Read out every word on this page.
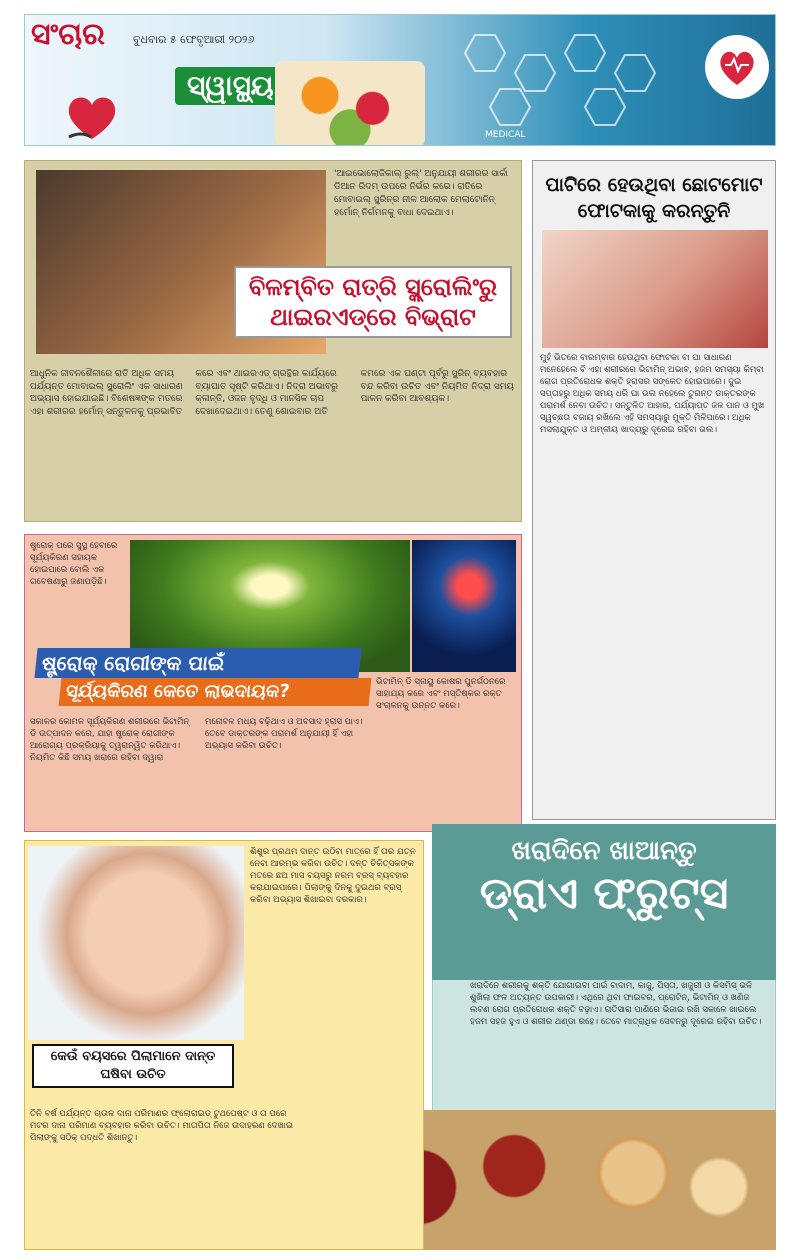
ସଂଚାର	ବୁଧବାର ୫ ଫେବୃଆରୀ ୨୦୨୬
ସ୍ୱାସ୍ଥ୍ୟ
MEDICAL
'ଆଇଭୋଲୋଜିକାଲ୍ ରୁଲ୍' ଅନୁଯାୟୀ ଶରୀରର ସାର୍କା ଡିଆନ ରିଦମ୍ ଉପରେ ନିର୍ଭର କରେ। ରାତିରେ ମୋବାଇଲ୍ ସ୍କ୍ରିନ୍‌ର ନୀଳ ଆଲୋକ ମେଲାଟୋନିନ୍ ହର୍ମୋନ୍ ନିର୍ଗମନକୁ ବାଧା ଦେଇଥାଏ।
ବିଳମ୍ବିତ ରାତ୍ରି ସ୍କ୍ରୋଲିଂରୁ ଥାଇରଏଡ୍‌ରେ ବିଭ୍ରାଟ
ଆଧୁନିକ ଜୀବନଶୈଳୀରେ ରାତି ଅଧିକ ସମୟ ପର୍ଯ୍ୟନ୍ତ ମୋବାଇଲ୍ ସ୍କ୍ରୋଲିଂ ଏକ ସାଧାରଣ ଅଭ୍ୟାସ ହୋଇଯାଇଛି। ବିଶେଷଜ୍ଞଙ୍କ ମତରେ ଏହା ଶରୀରର ହର୍ମୋନ୍ ସନ୍ତୁଳନକୁ ପ୍ରଭାବିତ କରେ ଏବଂ ଥାଇରଏଡ୍ ଗ୍ରନ୍ଥିର କାର୍ଯ୍ୟରେ ବ୍ୟାଘାତ ସୃଷ୍ଟି କରିଥାଏ। ନିଦ୍ରା ଅଭାବରୁ କ୍ଳାନ୍ତି, ଓଜନ ବୃଦ୍ଧି ଓ ମାନସିକ ଚାପ ଦେଖାଦେଇଥାଏ। ତେଣୁ ଶୋଇବାର ଅତି କମରେ ଏକ ଘଣ୍ଟା ପୂର୍ବରୁ ସ୍କ୍ରିନ୍ ବ୍ୟବହାର ବନ୍ଦ କରିବା ଉଚିତ ଏବଂ ନିୟମିତ ନିଦ୍ରା ସମୟ ପାଳନ କରିବା ଆବଶ୍ୟକ।
ପାଟିରେ ହେଉଥିବା ଛୋଟମୋଟ ଫୋଟକାକୁ କରନ୍ତୁନି
ମୁହଁ ଭିତରେ ବାରମ୍ବାର ହେଉଥିବା ଫୋଟକା ବା ଘା ସାଧାରଣ ମନେହେଲେ ବି ଏହା ଶରୀରରେ ଭିଟାମିନ୍ ଅଭାବ, ହଜମ ସମସ୍ୟା କିମ୍ବା ରୋଗ ପ୍ରତିରୋଧକ ଶକ୍ତି ହ୍ରାସର ସଙ୍କେତ ହୋଇପାରେ। ଦୁଇ ସପ୍ତାହରୁ ଅଧିକ ସମୟ ଧରି ଘା ଭଲ ନହେଲେ ତୁରନ୍ତ ଡାକ୍ତରଙ୍କ ପରାମର୍ଶ ନେବା ଉଚିତ। ସନ୍ତୁଳିତ ଆହାର, ପର୍ଯ୍ୟାପ୍ତ ଜଳ ପାନ ଓ ମୁଖ ସ୍ୱଚ୍ଛତା ବଜାୟ ରଖିଲେ ଏହି ସମସ୍ୟାରୁ ମୁକ୍ତି ମିଳିପାରେ। ଅଧିକ ମସଲାଯୁକ୍ତ ଓ ଅମ୍ଳୀୟ ଖାଦ୍ୟରୁ ଦୂରେଇ ରହିବା ଭଲ।
ଷ୍ଟ୍ରୋକ୍ ପରେ ସୁସ୍ଥ ହେବାରେ ସୂର୍ଯ୍ୟକିରଣ ସହାୟକ ହୋଇପାରେ ବୋଲି ଏକ ଗବେଷଣାରୁ ଜଣାପଡ଼ିଛି।
ଷ୍ଟ୍ରୋକ୍ ରୋଗୀଙ୍କ ପାଇଁ
ସୂର୍ଯ୍ୟକିରଣ କେତେ ଲାଭଦାୟକ?	ଭିଟାମିନ୍ ଡି ସ୍ନାୟୁ କୋଷର ପୁନର୍ଗଠନରେ ସାହାଯ୍ୟ କରେ ଏବଂ ମସ୍ତିଷ୍କର ରକ୍ତ ସଂଚାଳନକୁ ଉନ୍ନତ କରେ।
ସକାଳର କୋମଳ ସୂର୍ଯ୍ୟକିରଣ ଶରୀରରେ ଭିଟାମିନ୍ ଡି ଉତ୍ପାଦନ କରେ, ଯାହା ଷ୍ଟ୍ରୋକ୍ ରୋଗୀଙ୍କ ଆରୋଗ୍ୟ ପ୍ରକ୍ରିୟାକୁ ତ୍ୱରାନ୍ୱିତ କରିଥାଏ। ନିୟମିତ କିଛି ସମୟ ଖରାରେ ରହିବା ଦ୍ୱାରା ମନୋବଳ ମଧ୍ୟ ବଢ଼ିଥାଏ ଓ ଅବସାଦ ହ୍ରାସ ପାଏ। ତେବେ ଡାକ୍ତରଙ୍କ ପରାମର୍ଶ ଅନୁଯାୟୀ ହିଁ ଏହା ଅଭ୍ୟାସ କରିବା ଉଚିତ।
ଖରାଦିନେ ଖାଆନ୍ତୁ
ଡ୍ରାଏ ଫ୍ରୁଟ୍‌ସ
ଖରାଦିନେ ଶରୀରକୁ ଶକ୍ତି ଯୋଗାଇବା ପାଇଁ ବାଦାମ, କାଜୁ, ପିସ୍ତା, ଖଜୁରୀ ଓ କିସମିସ୍ ଭଳି ଶୁଖିଲା ଫଳ ଅତ୍ୟନ୍ତ ଉପକାରୀ। ଏଥିରେ ଥିବା ଫାଇବର, ପ୍ରୋଟିନ୍, ଭିଟାମିନ୍ ଓ ଖଣିଜ ଲବଣ ରୋଗ ପ୍ରତିରୋଧକ ଶକ୍ତି ବଢ଼ାଏ। ରାତିସାରା ପାଣିରେ ଭିଜାଇ ରଖି ସକାଳେ ଖାଇଲେ ହଜମ ସହଜ ହୁଏ ଓ ଶରୀର ଥଣ୍ଡା ରହେ। ତେବେ ମାତ୍ରାଧିକ ସେବନରୁ ଦୂରେଇ ରହିବା ଉଚିତ।
ଶିଶୁର ପ୍ରଥମ ଦାନ୍ତ ଉଠିବା ମାତ୍ରେ ହିଁ ତାର ଯତ୍ନ ନେବା ଆରମ୍ଭ କରିବା ଉଚିତ। ଦନ୍ତ ଚିକିତ୍ସକଙ୍କ ମତରେ ଛଅ ମାସ ବୟସରୁ ନରମ ବ୍ରସ୍ ବ୍ୟବହାର କରାଯାଇପାରେ। ପିଲାଙ୍କୁ ଦିନକୁ ଦୁଇଥର ବ୍ରସ୍ କରିବା ଅଭ୍ୟାସ ଶିଖାଇବା ଦରକାର।
କେଉଁ ବୟସରେ ପିଲାମାନେ ଦାନ୍ତ ଘଷିବା ଉଚିତ
ତିନି ବର୍ଷ ପର୍ଯ୍ୟନ୍ତ ଚାଉଳ ଦାନା ପରିମାଣର ଫ୍ଲୋରାଇଡ୍ ଟୁଥପେଷ୍ଟ ଓ ତା ପରେ ମଟର ଦାନା ପରିମାଣ ବ୍ୟବହାର କରିବା ଉଚିତ। ମାତାପିତା ନିଜେ ଉଦାହରଣ ଦେଖାଇ ପିଲାଙ୍କୁ ସଠିକ୍ ପଦ୍ଧତି ଶିଖାନ୍ତୁ।
